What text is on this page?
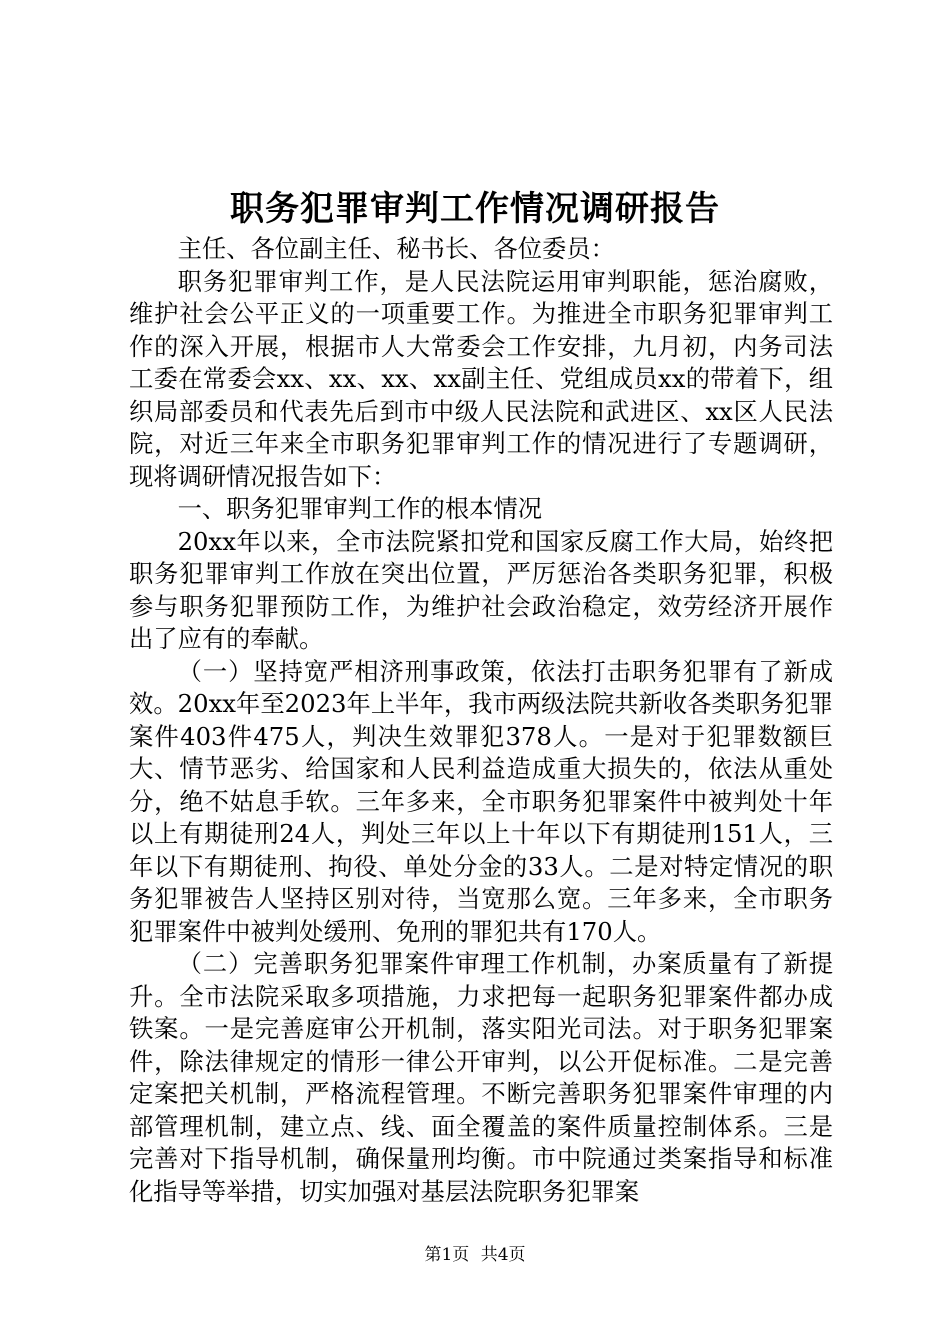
职务犯罪审判工作情况调研报告

主任、各位副主任、秘书长、各位委员：

职务犯罪审判工作，是人民法院运用审判职能，惩治腐败，维护社会公平正义的一项重要工作。为推进全市职务犯罪审判工作的深入开展，根据市人大常委会工作安排，九月初，内务司法工委在常委会xx、xx、xx、xx副主任、党组成员xx的带着下，组织局部委员和代表先后到市中级人民法院和武进区、xx区人民法院，对近三年来全市职务犯罪审判工作的情况进行了专题调研，现将调研情况报告如下：

一、职务犯罪审判工作的根本情况

20xx年以来，全市法院紧扣党和国家反腐工作大局，始终把职务犯罪审判工作放在突出位置，严厉惩治各类职务犯罪，积极参与职务犯罪预防工作，为维护社会政治稳定，效劳经济开展作出了应有的奉献。

（一）坚持宽严相济刑事政策，依法打击职务犯罪有了新成效。20xx年至2023年上半年，我市两级法院共新收各类职务犯罪案件403件475人，判决生效罪犯378人。一是对于犯罪数额巨大、情节恶劣、给国家和人民利益造成重大损失的，依法从重处分，绝不姑息手软。三年多来，全市职务犯罪案件中被判处十年以上有期徒刑24人，判处三年以上十年以下有期徒刑151人，三年以下有期徒刑、拘役、单处分金的33人。二是对特定情况的职务犯罪被告人坚持区别对待，当宽那么宽。三年多来，全市职务犯罪案件中被判处缓刑、免刑的罪犯共有170人。

（二）完善职务犯罪案件审理工作机制，办案质量有了新提升。全市法院采取多项措施，力求把每一起职务犯罪案件都办成铁案。一是完善庭审公开机制，落实阳光司法。对于职务犯罪案件，除法律规定的情形一律公开审判，以公开促标准。二是完善定案把关机制，严格流程管理。不断完善职务犯罪案件审理的内部管理机制，建立点、线、面全覆盖的案件质量控制体系。三是完善对下指导机制，确保量刑均衡。市中院通过类案指导和标准化指导等举措，切实加强对基层法院职务犯罪案

第1页 共4页
